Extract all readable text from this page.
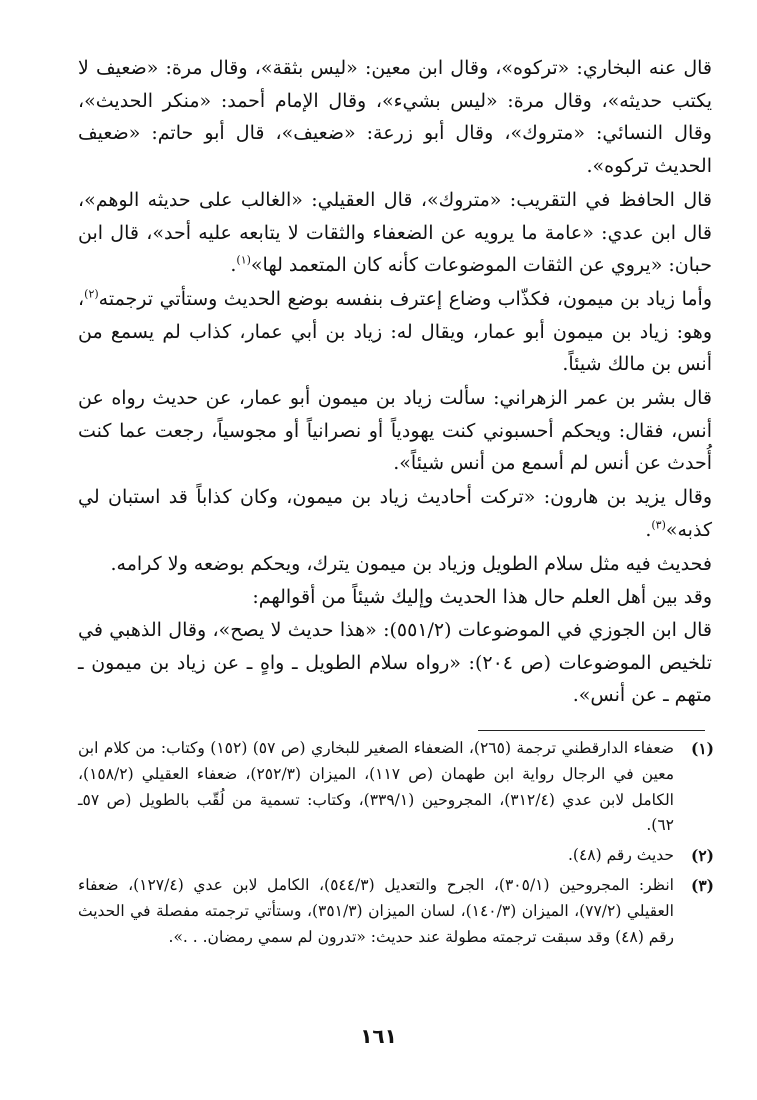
قال عنه البخاري: «تركوه»، وقال ابن معين: «ليس بثقة»، وقال مرة: «ضعيف لا يكتب حديثه»، وقال مرة: «ليس بشيء»، وقال الإمام أحمد: «منكر الحديث»، وقال النسائي: «متروك»، وقال أبو زرعة: «ضعيف»، قال أبو حاتم: «ضعيف الحديث تركوه».

قال الحافظ في التقريب: «متروك»، قال العقيلي: «الغالب على حديثه الوهم»، قال ابن عدي: «عامة ما يرويه عن الضعفاء والثقات لا يتابعه عليه أحد»، قال ابن حبان: «يروي عن الثقات الموضوعات كأنه كان المتعمد لها»$^{(١)}$.

وأما زياد بن ميمون، فكذّاب وضاع إعترف بنفسه بوضع الحديث وستأتي ترجمته$^{(٢)}$، وهو: زياد بن ميمون أبو عمار، ويقال له: زياد بن أبي عمار، كذاب لم يسمع من أنس بن مالك شيئاً.

قال بشر بن عمر الزهراني: سألت زياد بن ميمون أبو عمار، عن حديث رواه عن أنس، فقال: ويحكم أحسبوني كنت يهودياً أو نصرانياً أو مجوسياً، رجعت عما كنت أُحدث عن أنس لم أسمع من أنس شيئاً».

وقال يزيد بن هارون: «تركت أحاديث زياد بن ميمون، وكان كذاباً قد استبان لي كذبه»$^{(٣)}$.

فحديث فيه مثل سلام الطويل وزياد بن ميمون يترك، ويحكم بوضعه ولا كرامه.

وقد بين أهل العلم حال هذا الحديث وإليك شيئاً من أقوالهم:

قال ابن الجوزي في الموضوعات (٥٥١/٢): «هذا حديث لا يصح»، وقال الذهبي في تلخيص الموضوعات (ص ٢٠٤): «رواه سلام الطويل ـ واهٍ ـ عن زياد بن ميمون ـ متهم ـ عن أنس».

(١)
ضعفاء الدارقطني ترجمة (٢٦٥)، الضعفاء الصغير للبخاري (ص ٥٧) (١٥٢) وكتاب: من كلام ابن معين في الرجال رواية ابن طهمان (ص ١١٧)، الميزان (٢٥٢/٣)، ضعفاء العقيلي (١٥٨/٢)، الكامل لابن عدي (٣١٢/٤)، المجروحين (٣٣٩/١)، وكتاب: تسمية من لُقّب بالطويل (ص ٥٧ـ ٦٢).
(٢)
حديث رقم (٤٨).
(٣)
انظر: المجروحين (٣٠٥/١)، الجرح والتعديل (٥٤٤/٣)، الكامل لابن عدي (١٢٧/٤)، ضعفاء العقيلي (٧٧/٢)، الميزان (١٤٠/٣)، لسان الميزان (٣٥١/٣)، وستأتي ترجمته مفصلة في الحديث رقم (٤٨) وقد سبقت ترجمته مطولة عند حديث: «تدرون لم سمي رمضان. . .».
١٦١
